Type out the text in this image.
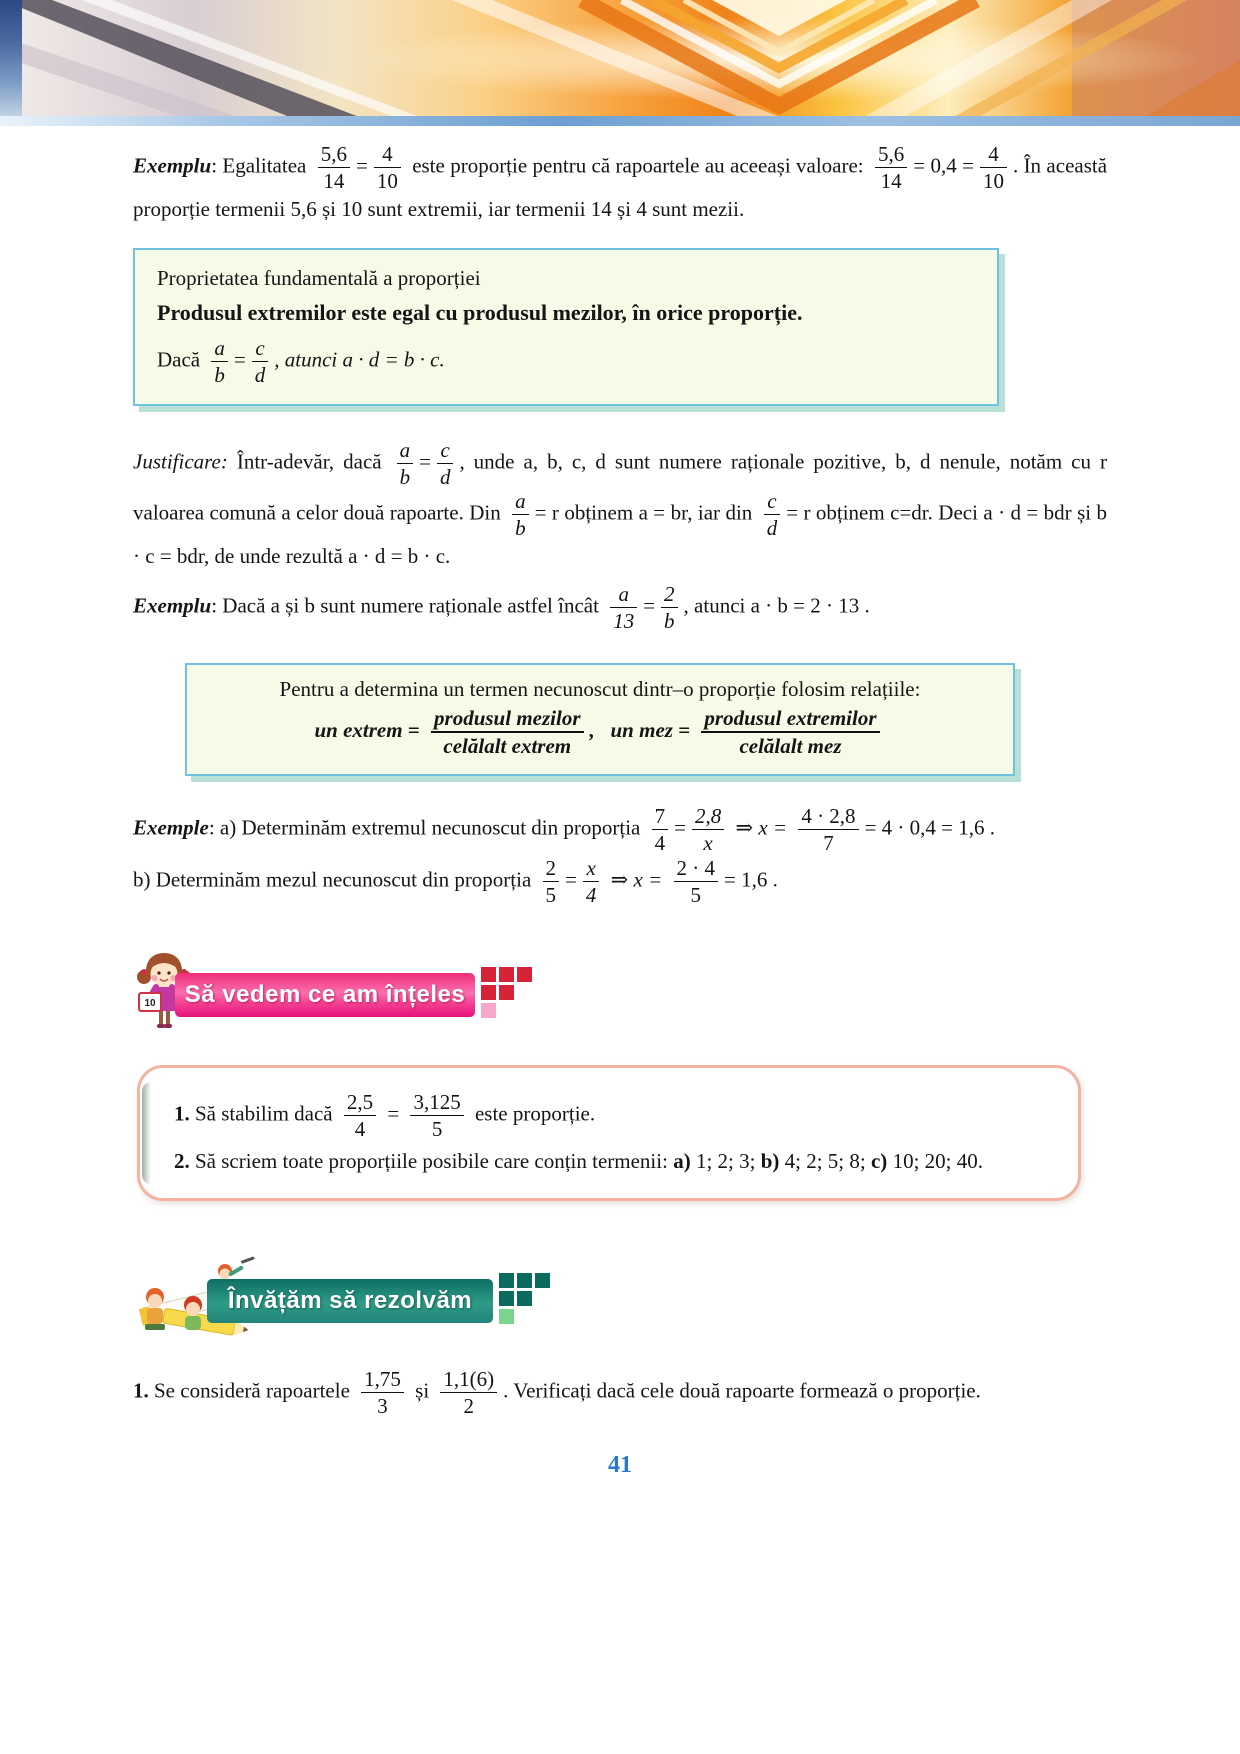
Exemplu: Egalitatea $\frac{5,6}{14} = \frac{4}{10}$ este proporție pentru că rapoartele au aceeași valoare: $\frac{5,6}{14} = 0,4 = \frac{4}{10}$ . În această proporție termenii 5,6 și 10 sunt extremii, iar termenii 14 și 4 sunt mezii.

Proprietatea fundamentală a proporției
Produsul extremilor este egal cu produsul mezilor, în orice proporție.
Dacă $\frac{a}{b} = \frac{c}{d}$ , atunci a · d = b · c.

Justificare: Într-adevăr, dacă $\frac{a}{b} = \frac{c}{d}$ , unde a, b, c, d sunt numere raționale pozitive, b, d nenule, notăm cu r valoarea comună a celor două rapoarte. Din $\frac{a}{b} = r$ obținem a = br, iar din $\frac{c}{d} = r$ obținem c=dr. Deci a · d = bdr și b · c = bdr, de unde rezultă a · d = b · c.

Exemplu: Dacă a și b sunt numere raționale astfel încât $\frac{a}{13} = \frac{2}{b}$ , atunci a · b = 2 · 13 .

Pentru a determina un termen necunoscut dintr–o proporție folosim relațiile:
un extrem = $\frac{\text{produsul mezilor}}{\text{celălalt extrem}}$ , un mez = $\frac{\text{produsul extremilor}}{\text{celălalt mez}}$

Exemple: a) Determinăm extremul necunoscut din proporția $\frac{7}{4} = \frac{2,8}{x}$ ⇒ $x = \frac{4 \cdot 2,8}{7} = 4 \cdot 0,4 = 1,6$ .
b) Determinăm mezul necunoscut din proporția $\frac{2}{5} = \frac{x}{4}$ ⇒ $x = \frac{2 \cdot 4}{5} = 1,6$ .

10 Să vedem ce am înțeles
1. Să stabilim dacă $\frac{2,5}{4} = \frac{3,125}{5}$ este proporție.
2. Să scriem toate proporțiile posibile care conțin termenii: a) 1; 2; 3; b) 4; 2; 5; 8; c) 10; 20; 40.
Învățăm să rezolvăm

1. Se consideră rapoartele $\frac{1,75}{3}$ și $\frac{1,1(6)}{2}$ . Verificați dacă cele două rapoarte formează o proporție.

41
